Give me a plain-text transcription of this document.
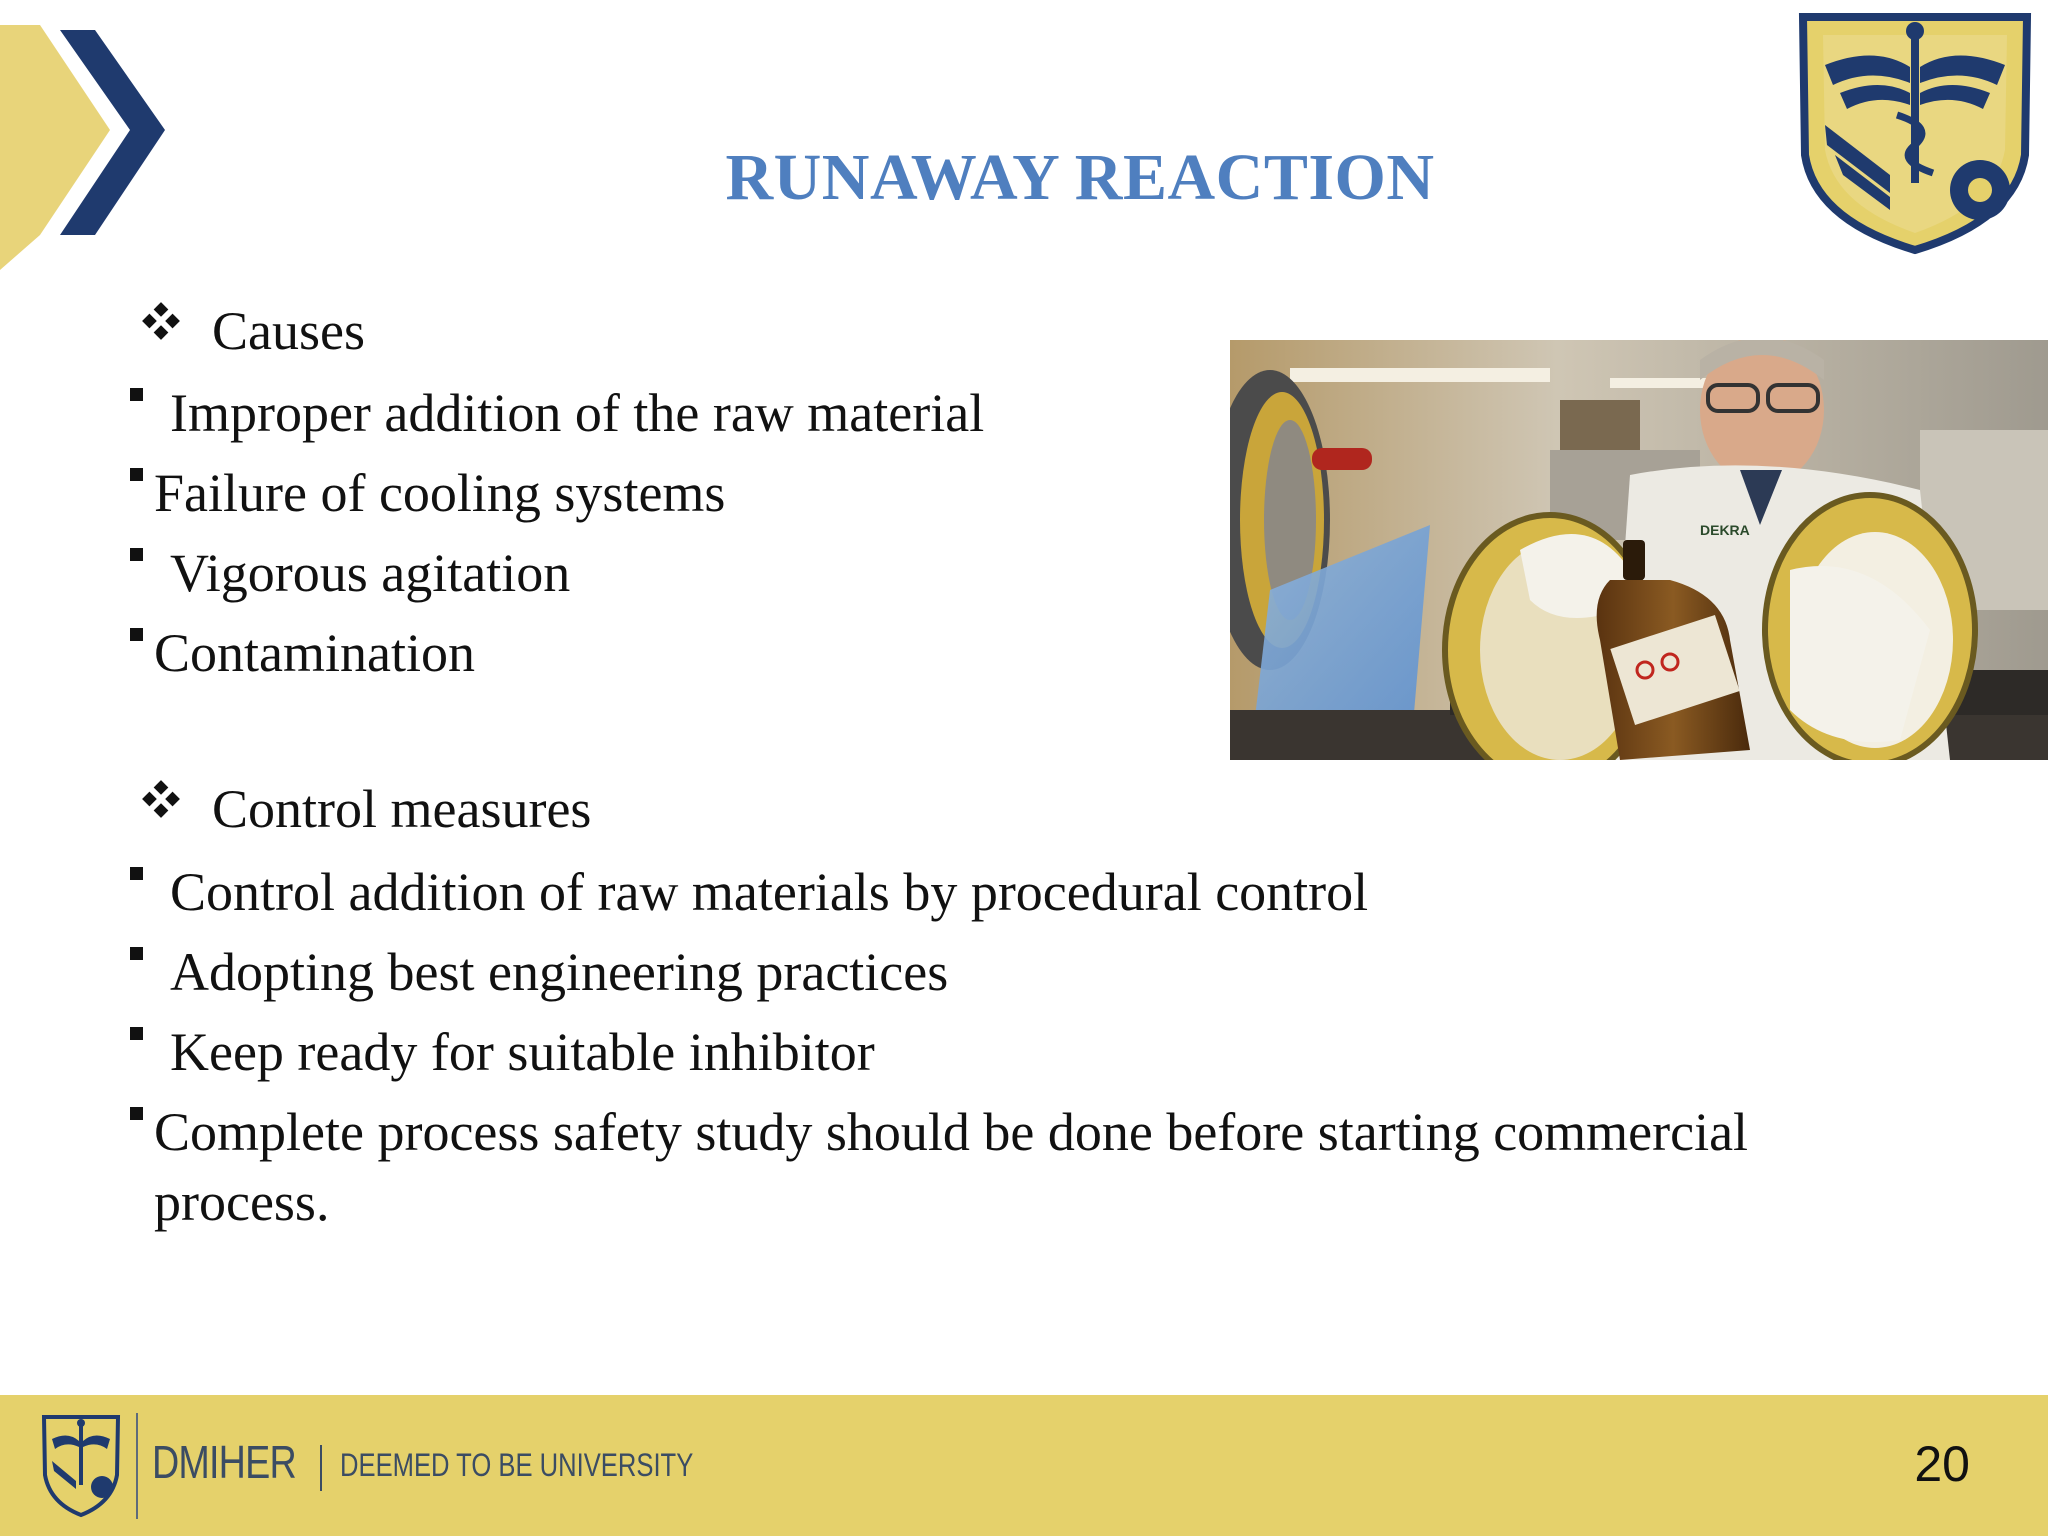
RUNAWAY REACTION
Causes
Improper addition of the raw material
Failure of cooling systems
Vigorous agitation
Contamination
DEKRA
Control measures
Control addition of raw materials by procedural control
Adopting best engineering practices
Keep ready for suitable inhibitor
Complete process safety study should be done before starting commercial
process.
DMIHER DEEMED TO BE UNIVERSITY	20
